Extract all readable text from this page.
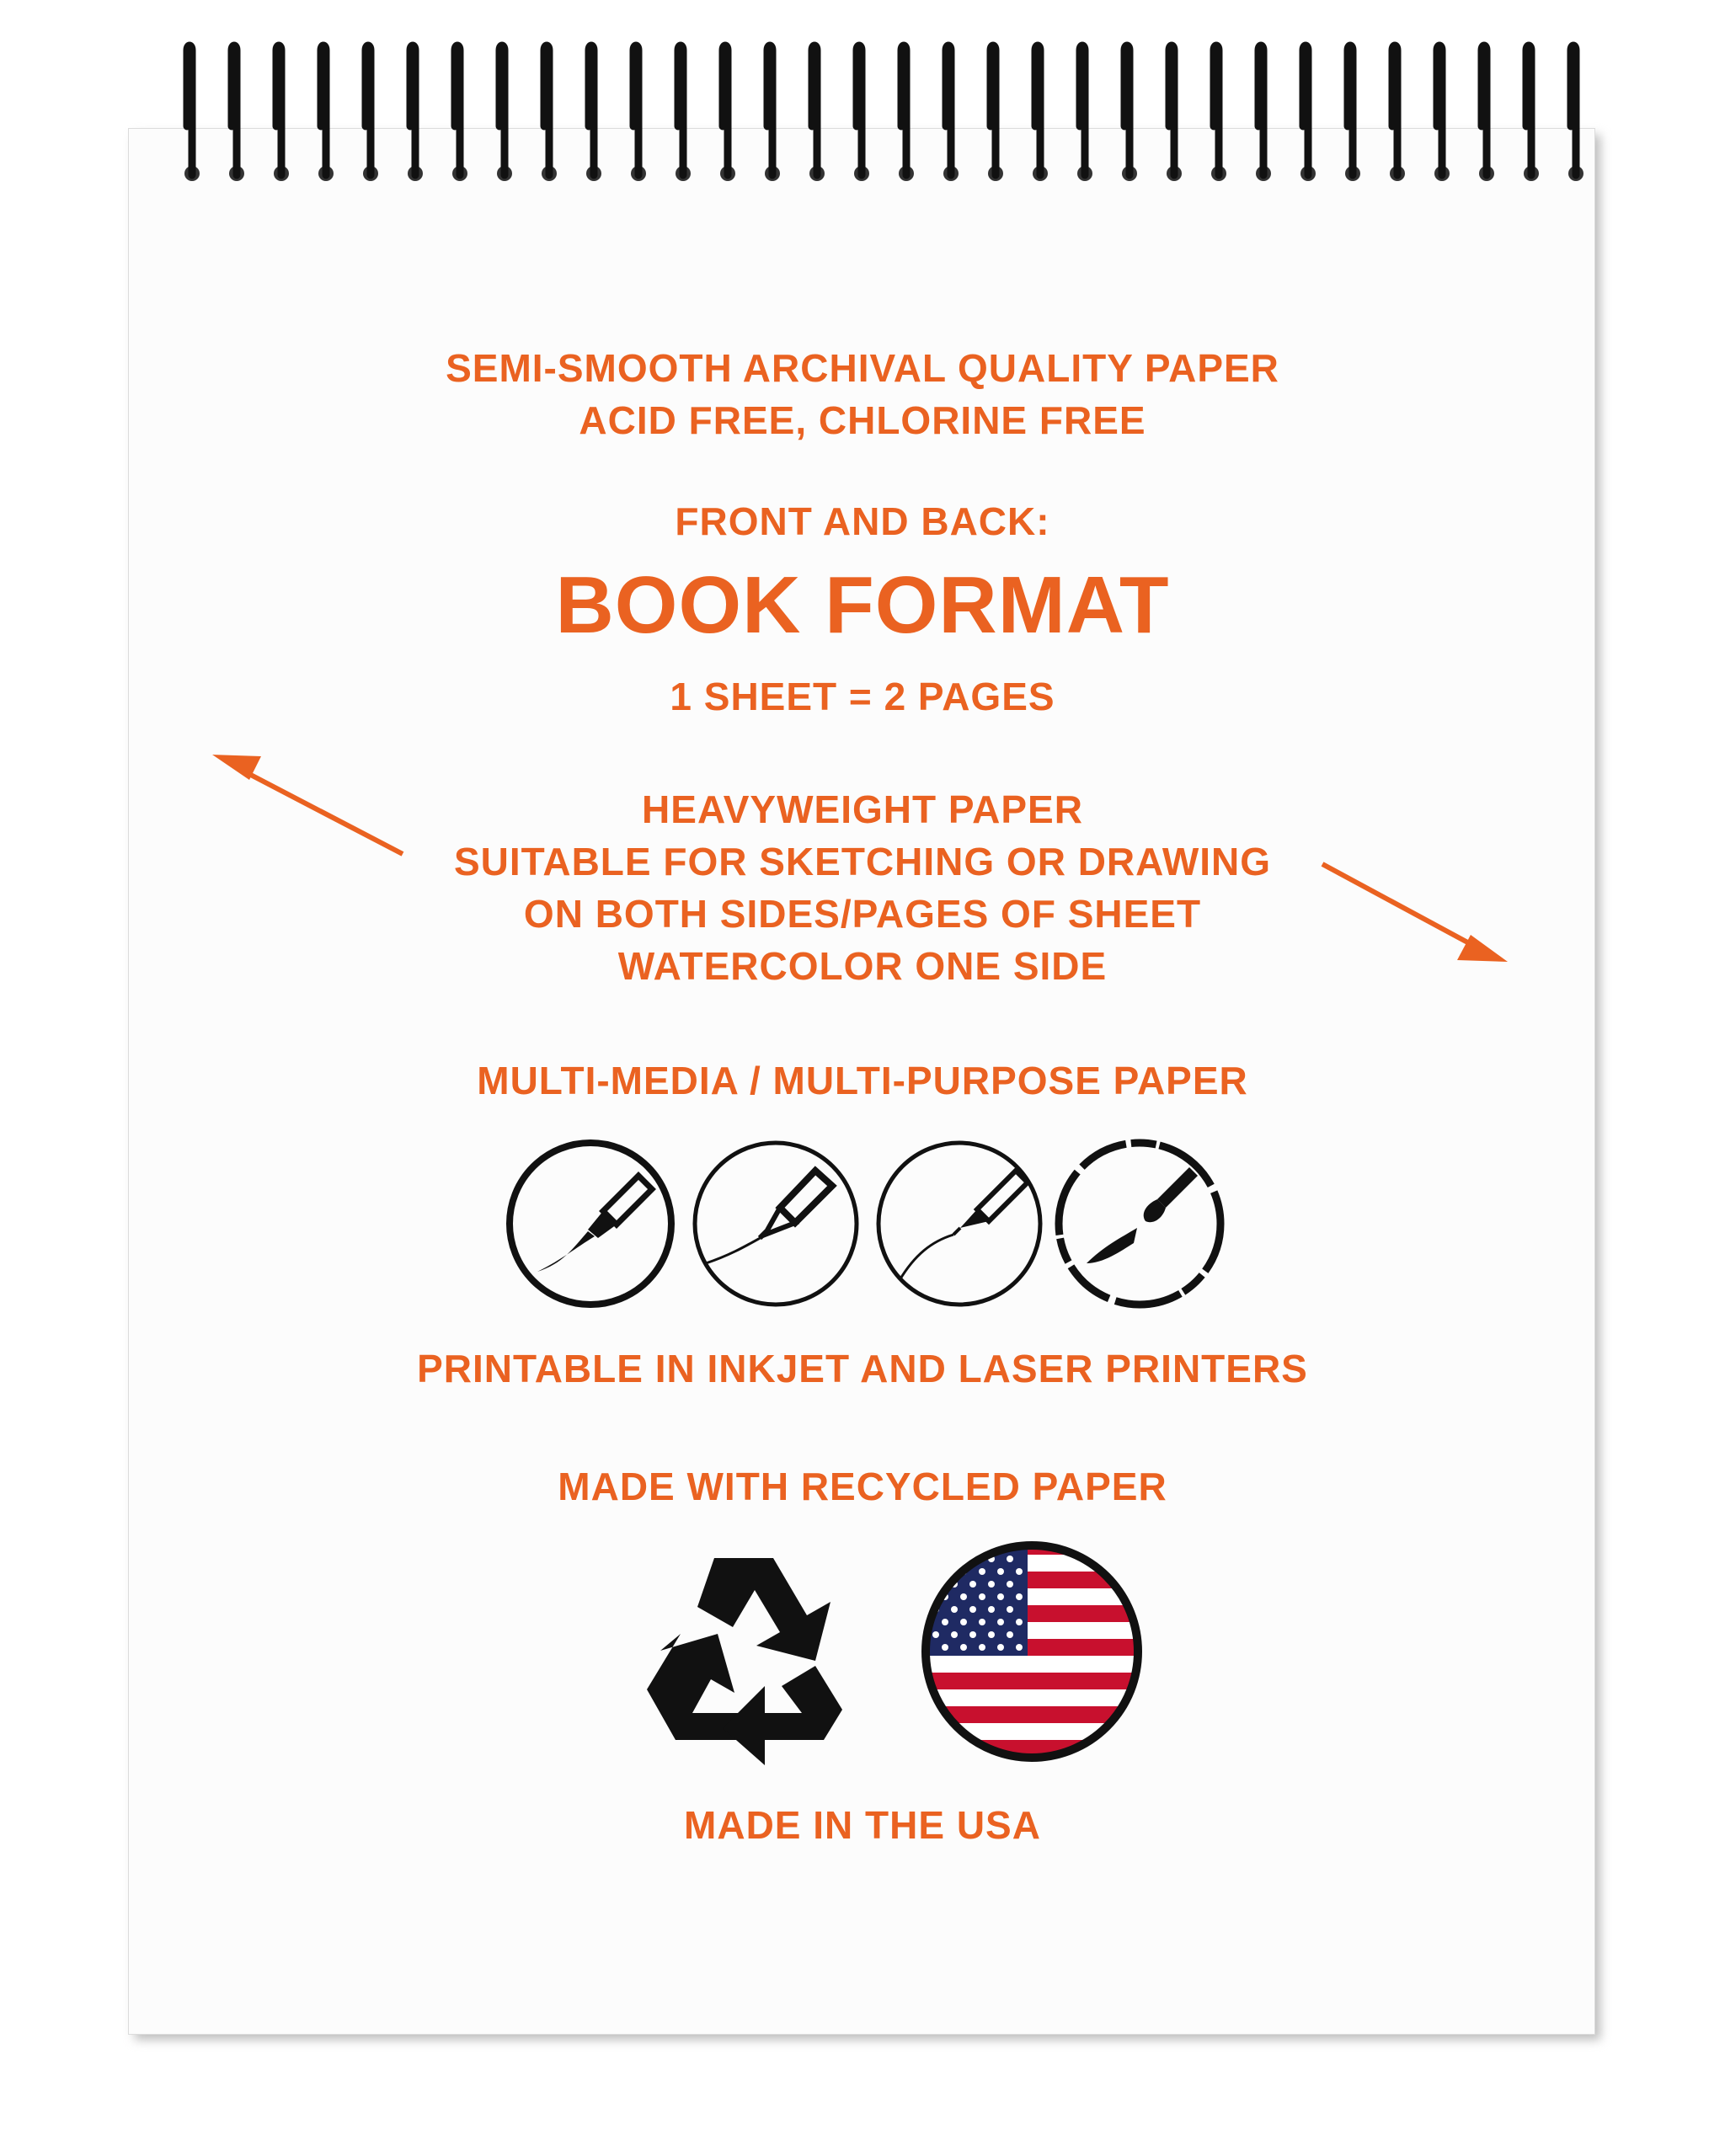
SEMI-SMOOTH ARCHIVAL QUALITY PAPER
ACID FREE, CHLORINE FREE
FRONT AND BACK:
BOOK FORMAT
1 SHEET = 2 PAGES
HEAVYWEIGHT PAPER
SUITABLE FOR SKETCHING OR DRAWING
ON BOTH SIDES/PAGES OF SHEET
WATERCOLOR ONE SIDE
MULTI-MEDIA / MULTI-PURPOSE PAPER
PRINTABLE IN INKJET AND LASER PRINTERS
MADE WITH RECYCLED PAPER
MADE IN THE USA
